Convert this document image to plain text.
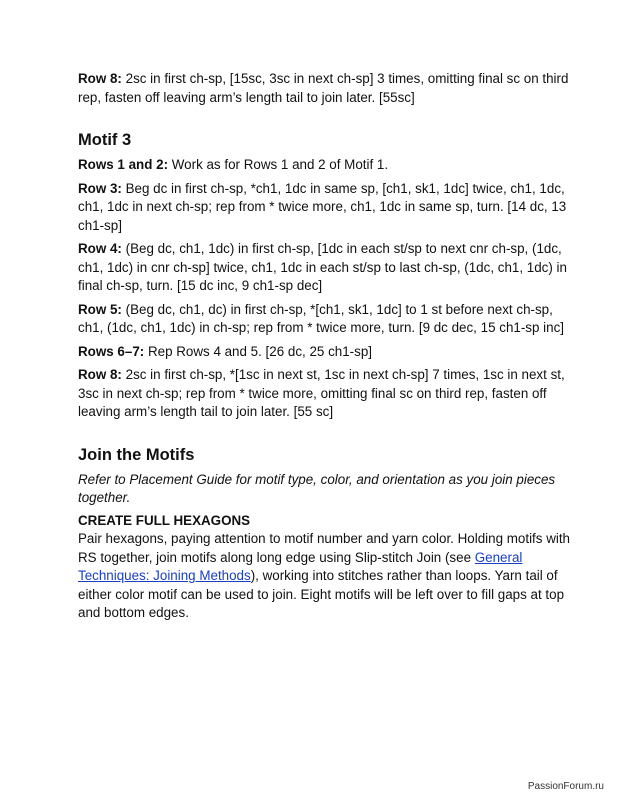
Row 8: 2sc in first ch-sp, [15sc, 3sc in next ch-sp] 3 times, omitting final sc on third rep, fasten off leaving arm’s length tail to join later. [55sc]

Motif 3

Rows 1 and 2: Work as for Rows 1 and 2 of Motif 1.

Row 3: Beg dc in first ch-sp, *ch1, 1dc in same sp, [ch1, sk1, 1dc] twice, ch1, 1dc, ch1, 1dc in next ch-sp; rep from * twice more, ch1, 1dc in same sp, turn. [14 dc, 13 ch1-sp]

Row 4: (Beg dc, ch1, 1dc) in first ch-sp, [1dc in each st/sp to next cnr ch-sp, (1dc, ch1, 1dc) in cnr ch-sp] twice, ch1, 1dc in each st/sp to last ch-sp, (1dc, ch1, 1dc) in final ch-sp, turn. [15 dc inc, 9 ch1-sp dec]

Row 5: (Beg dc, ch1, dc) in first ch-sp, *[ch1, sk1, 1dc] to 1 st before next ch-sp, ch1, (1dc, ch1, 1dc) in ch-sp; rep from * twice more, turn. [9 dc dec, 15 ch1-sp inc]

Rows 6–7: Rep Rows 4 and 5. [26 dc, 25 ch1-sp]

Row 8: 2sc in first ch-sp, *[1sc in next st, 1sc in next ch-sp] 7 times, 1sc in next st, 3sc in next ch-sp; rep from * twice more, omitting final sc on third rep, fasten off leaving arm’s length tail to join later. [55 sc]

Join the Motifs

Refer to Placement Guide for motif type, color, and orientation as you join pieces together.

CREATE FULL HEXAGONS

Pair hexagons, paying attention to motif number and yarn color. Holding motifs with RS together, join motifs along long edge using Slip-stitch Join (see General Techniques: Joining Methods), working into stitches rather than loops. Yarn tail of either color motif can be used to join. Eight motifs will be left over to fill gaps at top and bottom edges.

PassionForum.ru
